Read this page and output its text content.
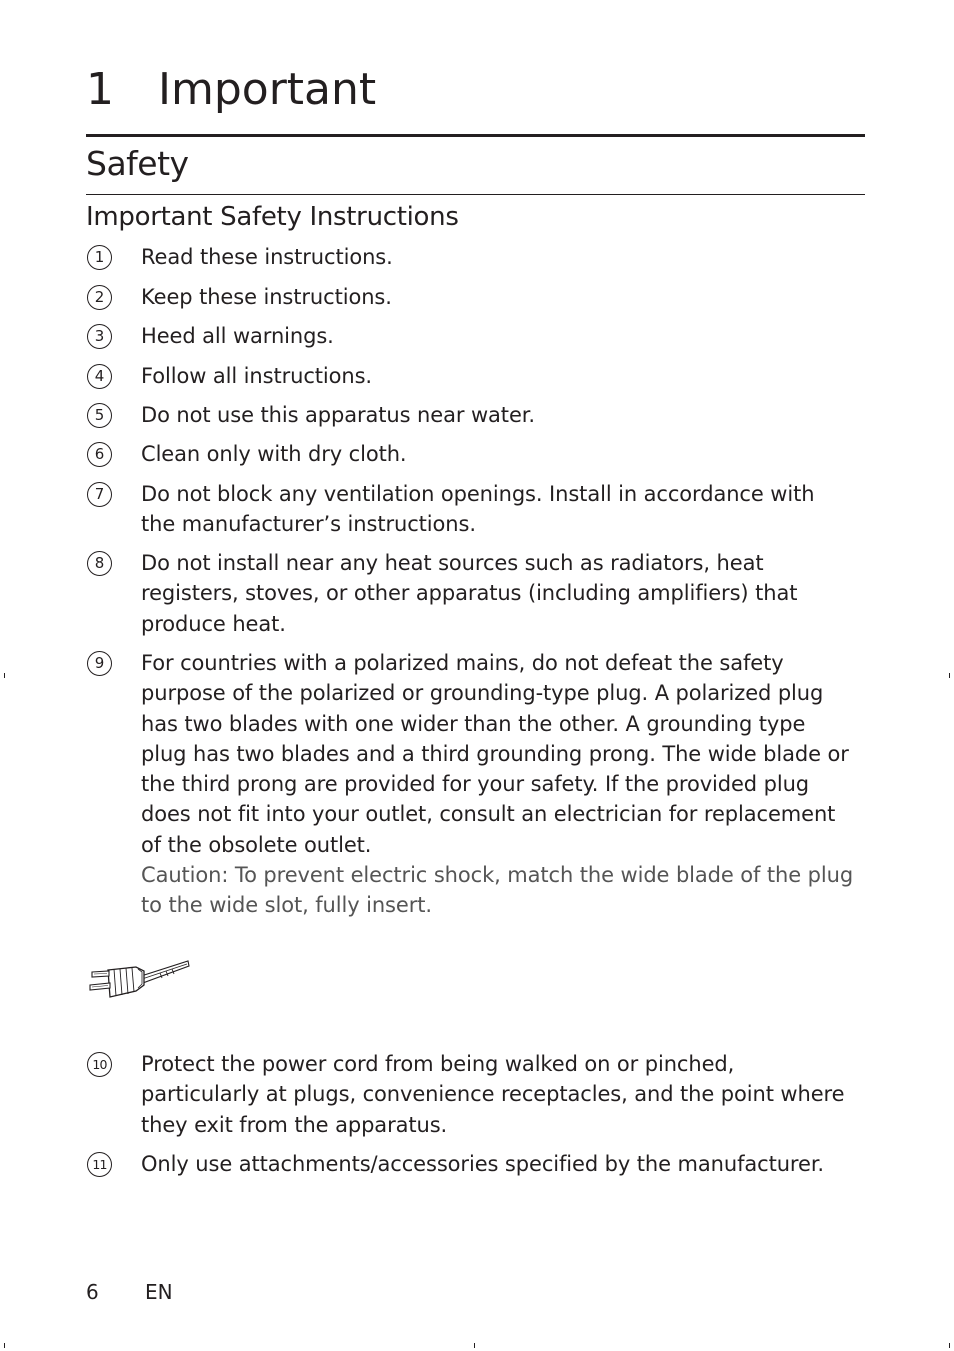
1 Important
Safety
Important Safety Instructions
1	Read these instructions.
2	Keep these instructions.
3	Heed all warnings.
4	Follow all instructions.
5	Do not use this apparatus near water.
6	Clean only with dry cloth.
7	Do not block any ventilation openings. Install in accordance with
the manufacturer’s instructions.
8	Do not install near any heat sources such as radiators, heat
registers, stoves, or other apparatus (including amplifiers) that
produce heat.
9	For countries with a polarized mains, do not defeat the safety
purpose of the polarized or grounding-type plug. A polarized plug
has two blades with one wider than the other. A grounding type
plug has two blades and a third grounding prong. The wide blade or
the third prong are provided for your safety. If the provided plug
does not fit into your outlet, consult an electrician for replacement
of the obsolete outlet.
Caution: To prevent electric shock, match the wide blade of the plug
to the wide slot, fully insert.
10 Protect the power cord from being walked on or pinched,
particularly at plugs, convenience receptacles, and the point where
they exit from the apparatus.
11 Only use attachments/accessories specified by the manufacturer.
6 EN
